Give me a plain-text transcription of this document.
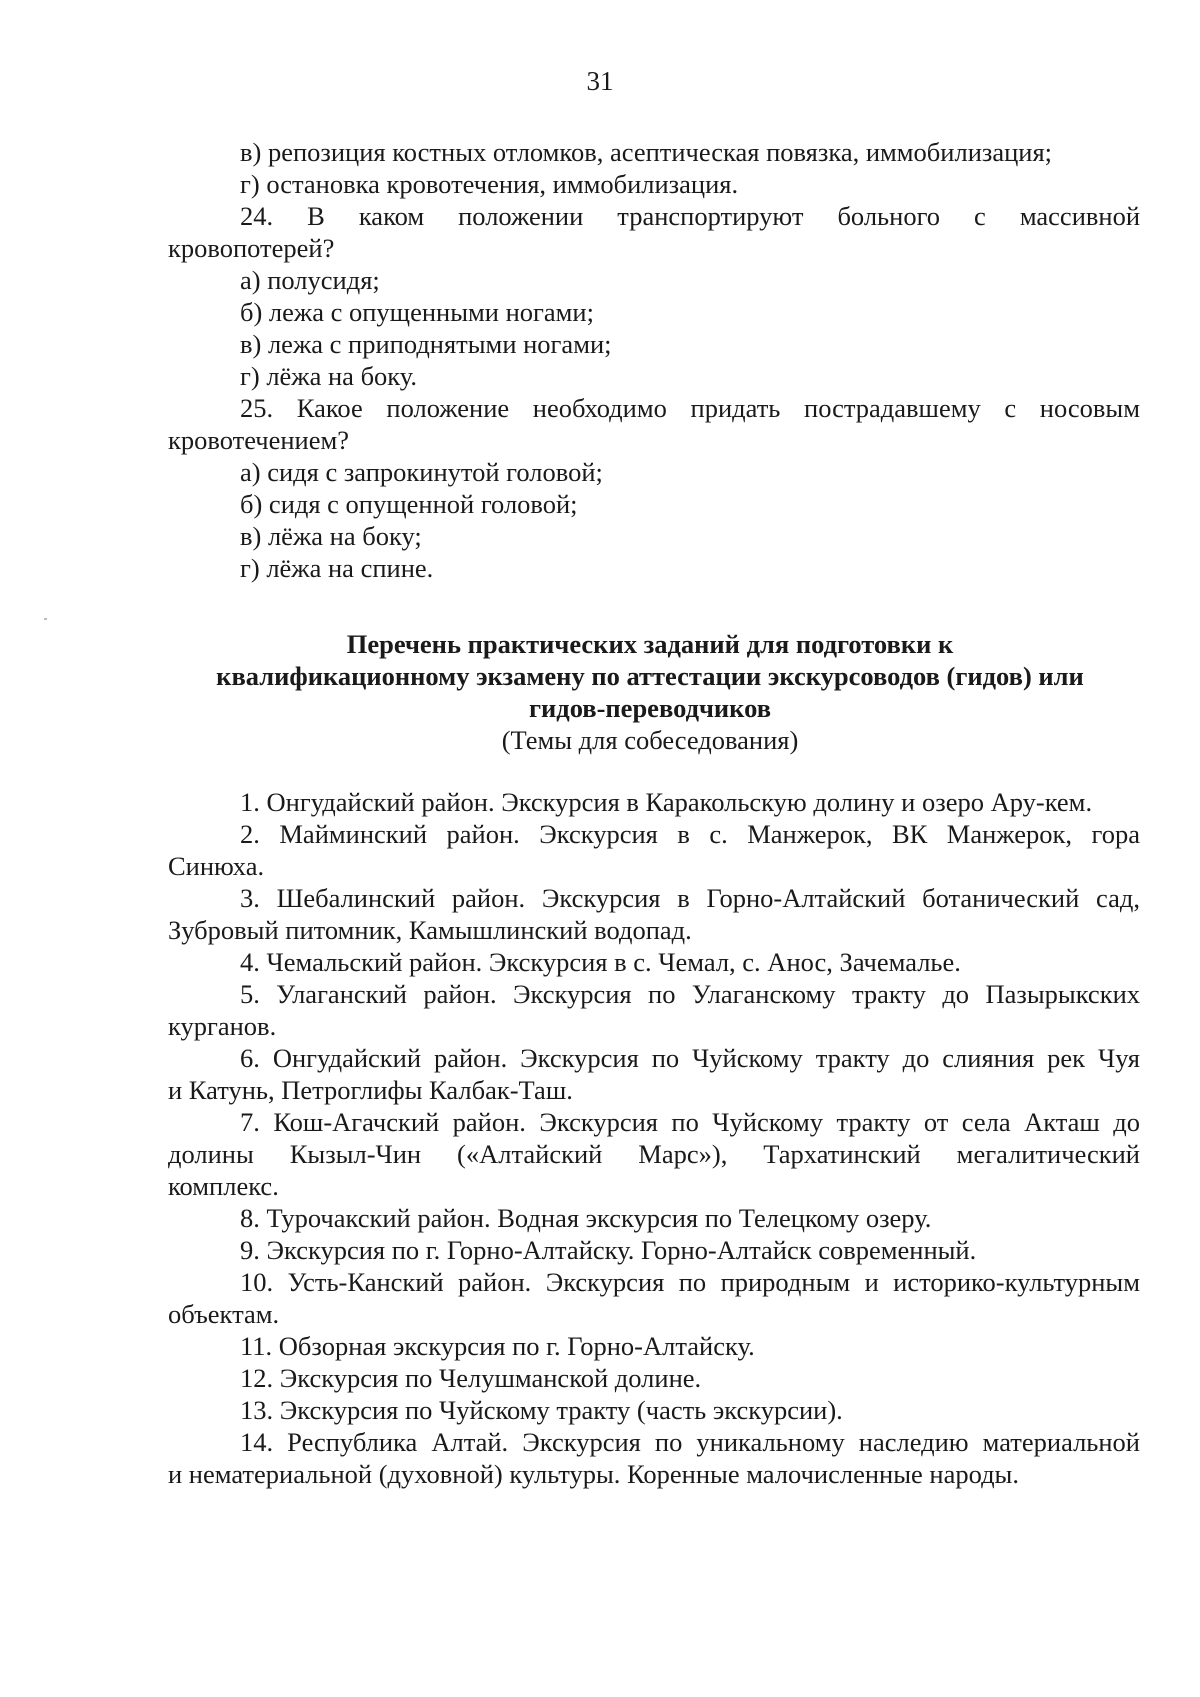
31
в) репозиция костных отломков, асептическая повязка, иммобилизация;
г) остановка кровотечения, иммобилизация.
24. В каком положении транспортируют больного с массивной
кровопотерей?
а) полусидя;
б) лежа с опущенными ногами;
в) лежа с приподнятыми ногами;
г) лёжа на боку.
25. Какое положение необходимо придать пострадавшему с носовым
кровотечением?
а) сидя с запрокинутой головой;
б) сидя с опущенной головой;
в) лёжа на боку;
г) лёжа на спине.
Перечень практических заданий для подготовки к
квалификационному экзамену по аттестации экскурсоводов (гидов) или
гидов-переводчиков
(Темы для собеседования)
1. Онгудайский район. Экскурсия в Каракольскую долину и озеро Ару-кем.
2. Майминский район. Экскурсия в с. Манжерок, ВК Манжерок, гора
Синюха.
3. Шебалинский район. Экскурсия в Горно-Алтайский ботанический сад,
Зубровый питомник, Камышлинский водопад.
4. Чемальский район. Экскурсия в с. Чемал, с. Анос, Зачемалье.
5. Улаганский район. Экскурсия по Улаганскому тракту до Пазырыкских
курганов.
6. Онгудайский район. Экскурсия по Чуйскому тракту до слияния рек Чуя
и Катунь, Петроглифы Калбак-Таш.
7. Кош-Агачский район. Экскурсия по Чуйскому тракту от села Акташ до
долины Кызыл-Чин («Алтайский Марс»), Тархатинский мегалитический
комплекс.
8. Турочакский район. Водная экскурсия по Телецкому озеру.
9. Экскурсия по г. Горно-Алтайску. Горно-Алтайск современный.
10. Усть-Канский район. Экскурсия по природным и историко-культурным
объектам.
11. Обзорная экскурсия по г. Горно-Алтайску.
12. Экскурсия по Челушманской долине.
13. Экскурсия по Чуйскому тракту (часть экскурсии).
14. Республика Алтай. Экскурсия по уникальному наследию материальной
и нематериальной (духовной) культуры. Коренные малочисленные народы.
